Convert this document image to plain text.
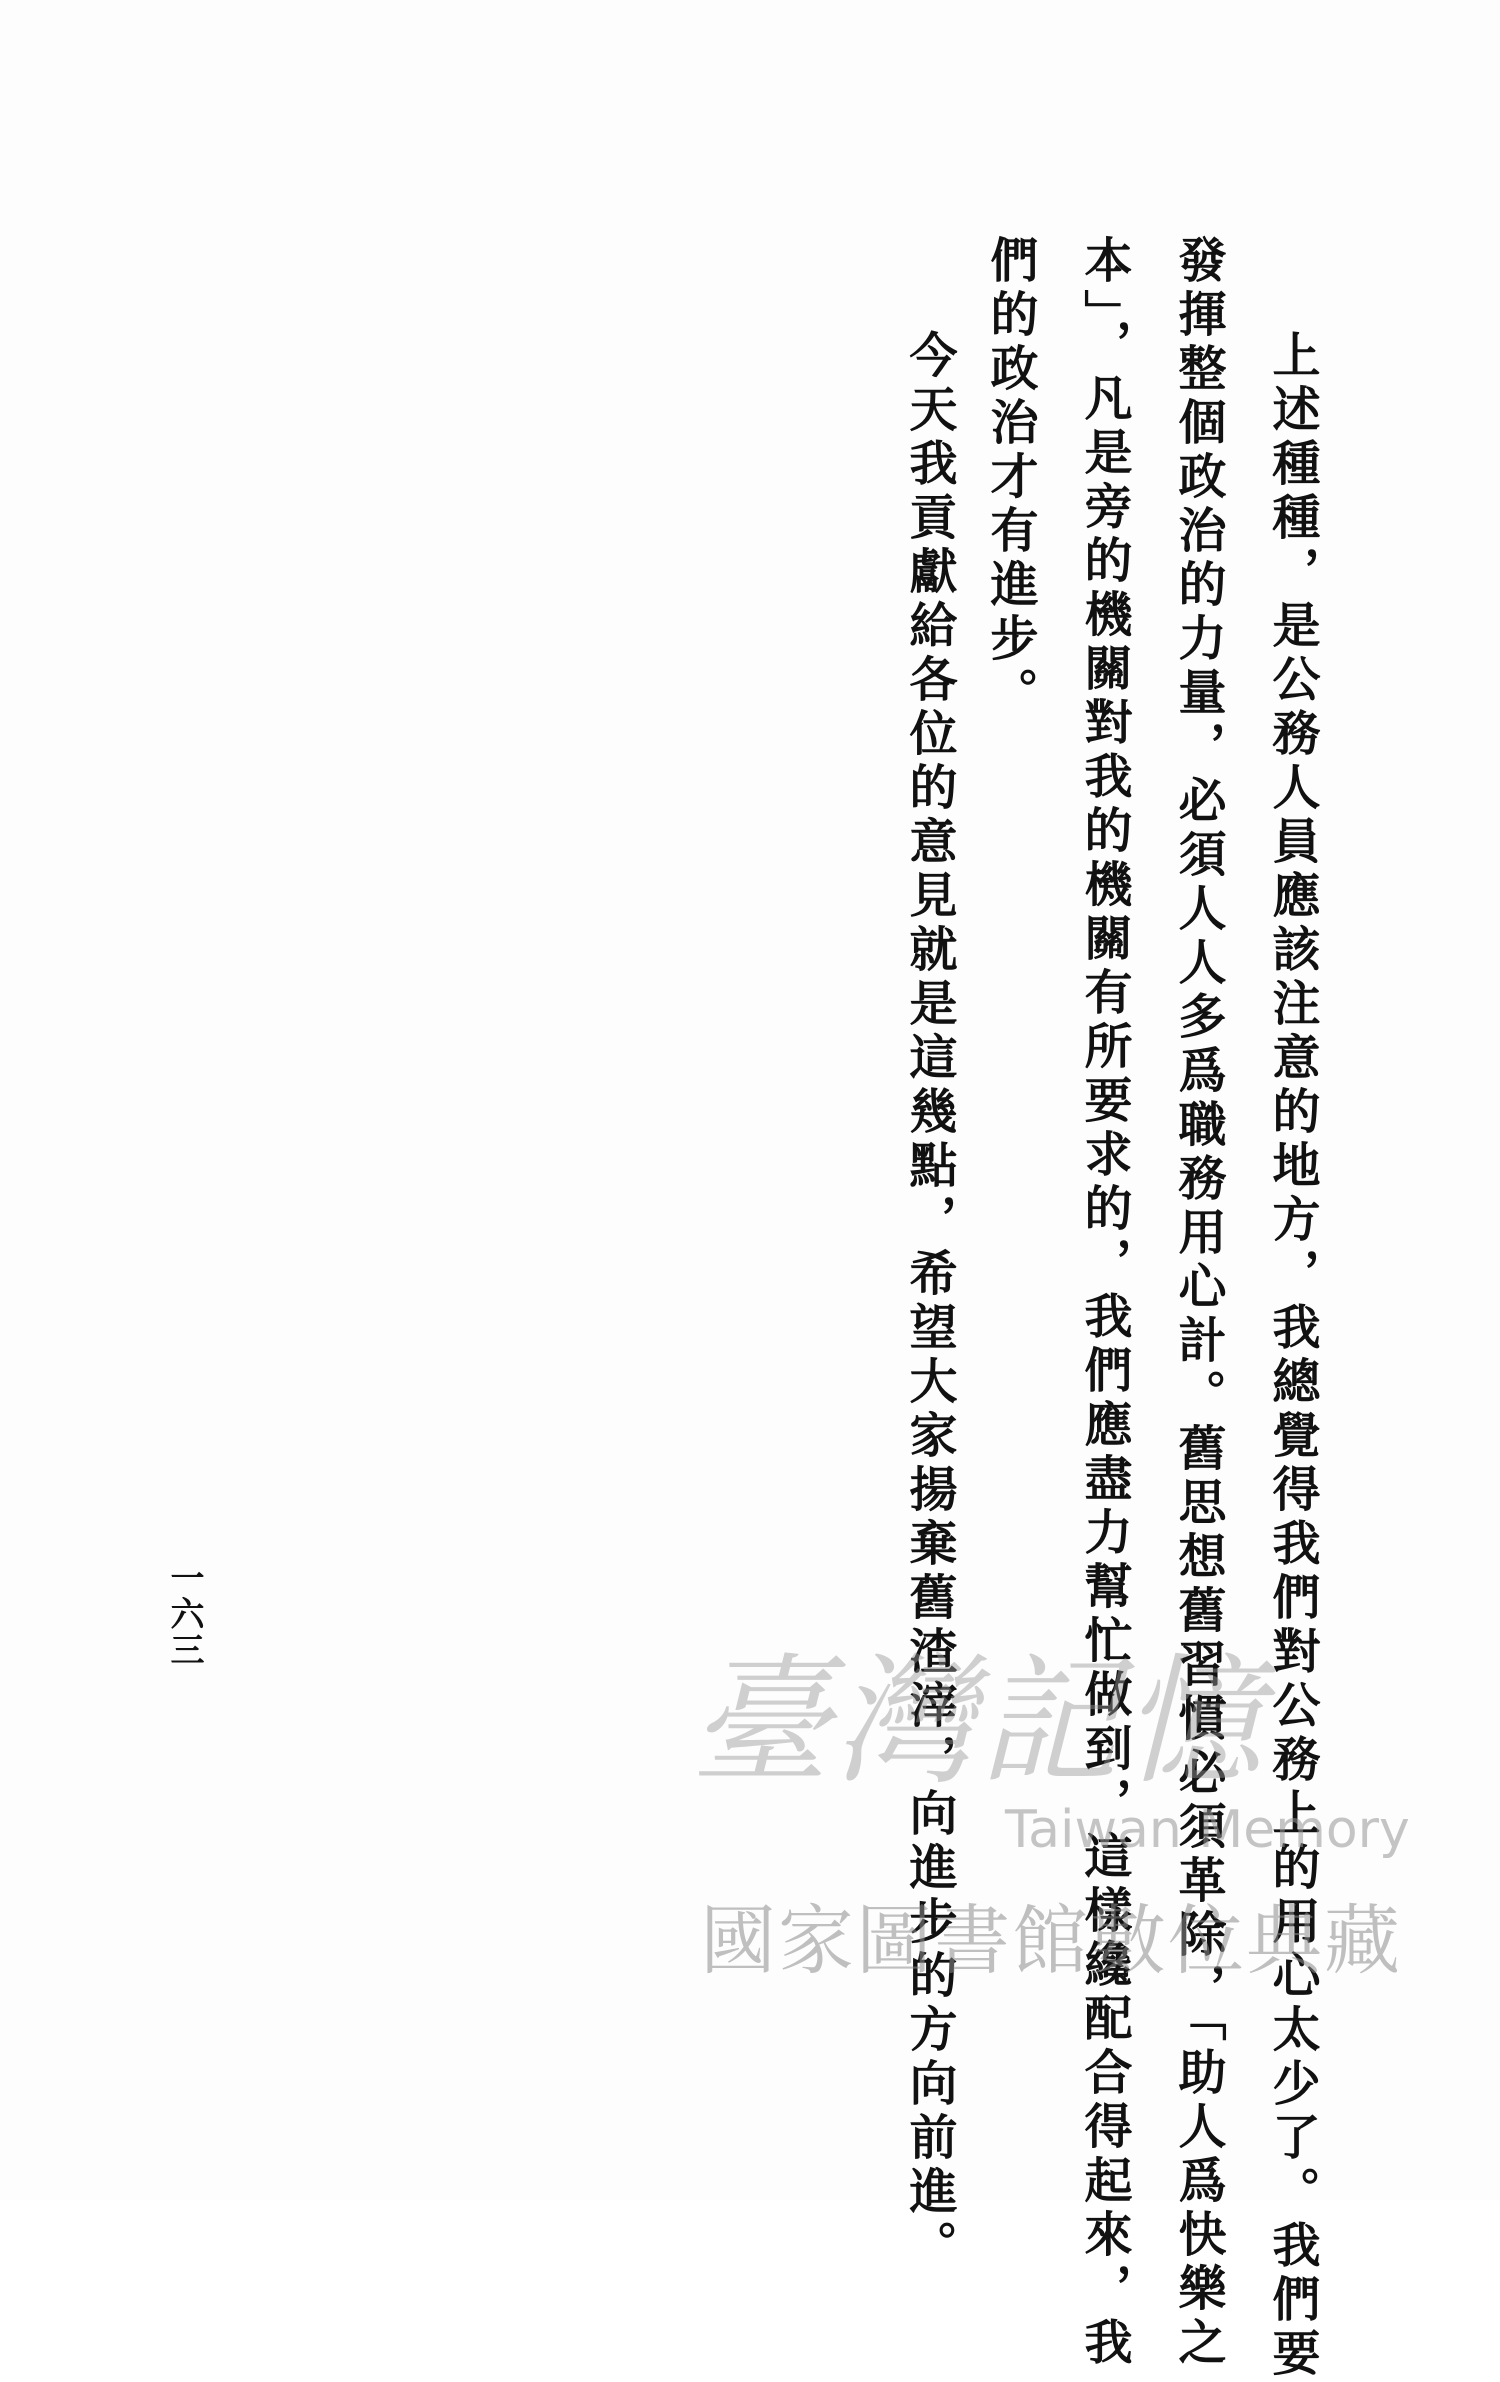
上述種種，是公務人員應該注意的地方，我總覺得我們對公務上的用心太少了。我們要
發揮整個政治的力量，必須人人多爲職務用心計。舊思想舊習慣必須革除，「助人爲快樂之
本」，凡是旁的機關對我的機關有所要求的，我們應盡力幫忙做到，這樣纔配合得起來，我
們的政治才有進步。
今天我貢獻給各位的意見就是這幾點，希望大家揚棄舊渣滓，向進步的方向前進。
一六三
臺灣記憶
Taiwan Memory
國家圖書館數位典藏
